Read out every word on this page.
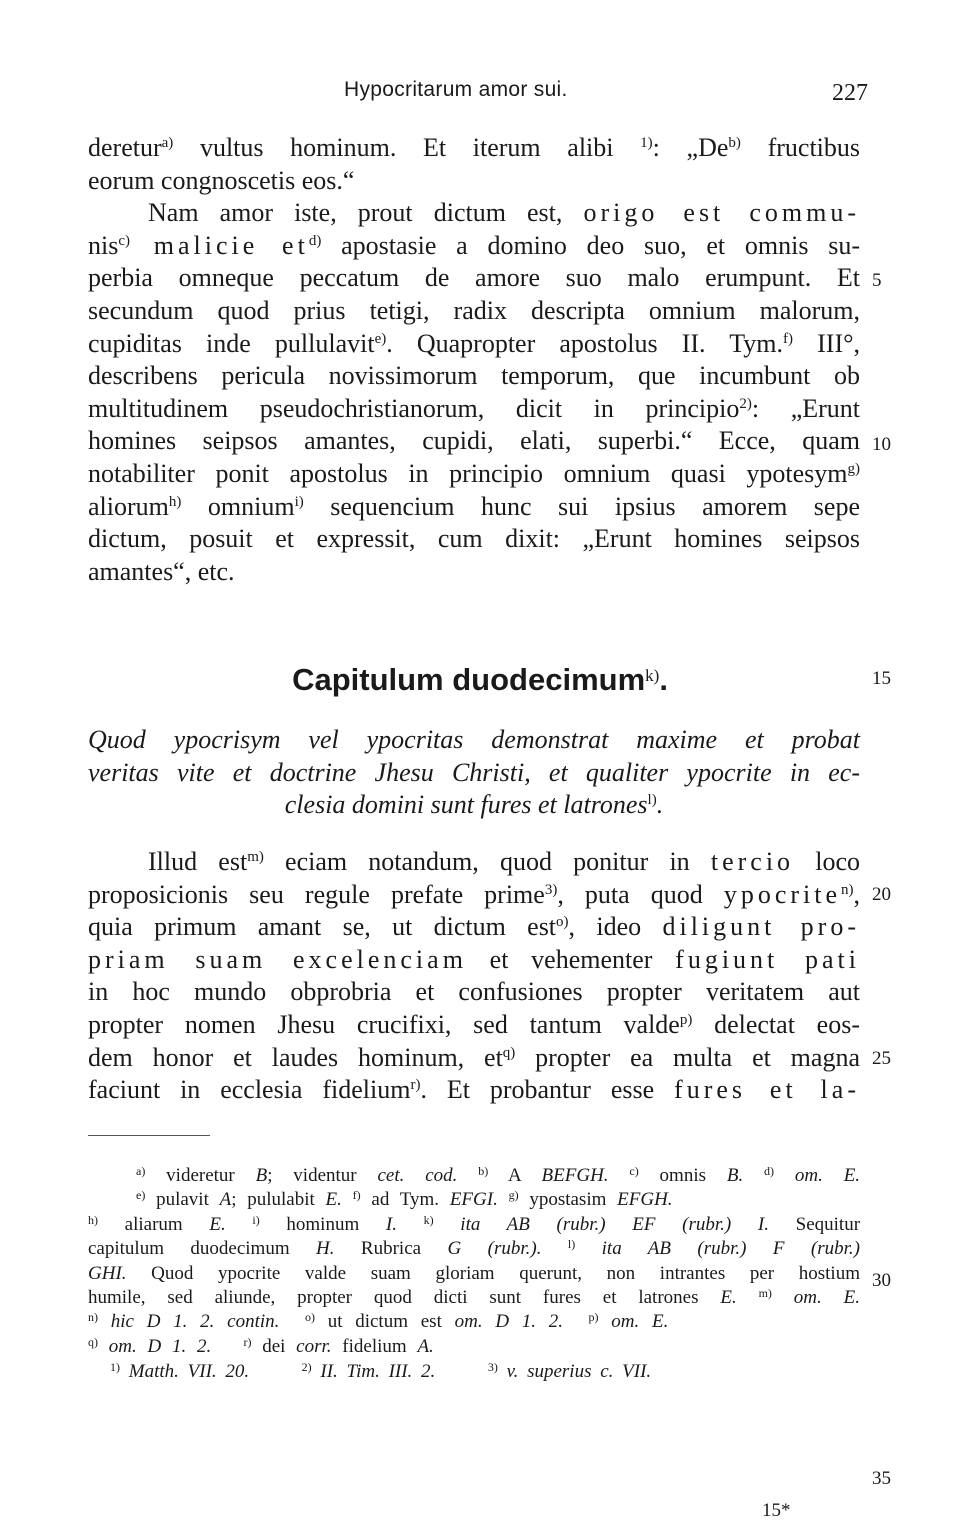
Hypocritarum amor sui.	227
deretur$^{a)}$ vultus hominum. Et iterum alibi $^{1)}$: „De$^{b)}$ fructibus
eorum congnoscetis eos.“
Nam amor iste, prout dictum est, origo est commu-
nis$^{c)}$ malicie $et^{d)}$ apostasie a domino deo suo, et omnis su-
perbia omneque peccatum de amore suo malo erumpunt. Et
secundum quod prius tetigi, radix descripta omnium malorum,
cupiditas inde pullulavit$^{e)}$. Quapropter apostolus II. Tym.$^{f)}$ III°,
describens pericula novissimorum temporum, que incumbunt ob
multitudinem pseudochristianorum, dicit in principio$^{2)}$: „Erunt
homines seipsos amantes, cupidi, elati, superbi.“ Ecce, quam
notabiliter ponit apostolus in principio omnium quasi ypotesym$^{g)}$
aliorum$^{h)}$ omnium$^{i)}$ sequencium hunc sui ipsius amorem sepe
dictum, posuit et expressit, cum dixit: „Erunt homines seipsos
amantes“, etc.
5
10
15
20
25
30
35
Capitulum duodecimum$^{k)}$.
Quod ypocrisym vel ypocritas demonstrat maxime et probat
veritas vite et doctrine Jhesu Christi, et qualiter ypocrite in ec-
clesia domini sunt fures et latrones$^{l)}$.
Illud est$^{m)}$ eciam notandum, quod ponitur in tercio loco
proposicionis seu regule prefate prime$^{3)}$, puta quod ypocrite$^{n)}$,
quia primum amant se, ut dictum est$^{o)}$, ideo diligunt pro-
priam suam excelenciam et vehementer fugiunt pati
in hoc mundo obprobria et confusiones propter veritatem aut
propter nomen Jhesu crucifixi, sed tantum valde$^{p)}$ delectat eos-
dem honor et laudes hominum, $et^{q)}$ propter ea multa et magna
faciunt in ecclesia fidelium$^{r)}$. Et probantur esse fures et la-
$^{a)}$ videretur B; videntur cet. cod. $^{b)}$ A BEFGH. $^{c)}$ omnis B. $^{d)}$ om. E.
$^{e)}$ pulavit A; pululabit E. $^{f)}$ ad Tym. EFGI. $^{g)}$ ypostasim EFGH.
$^{h)}$ aliarum E. $^{i)}$ hominum I. $^{k)}$ ita AB (rubr.) EF (rubr.) I. Sequitur
capitulum duodecimum H. Rubrica G (rubr.). $^{l)}$ ita AB (rubr.) F (rubr.)
GHI. Quod ypocrite valde suam gloriam querunt, non intrantes per hostium
humile, sed aliunde, propter quod dicti sunt fures et latrones E. $^{m)}$ om. E.
$^{n)}$ hic D 1. 2. contin. $^{o)}$ ut dictum est om. D 1. 2. $^{p)}$ om. E.
$^{q)}$ om. D 1. 2.	$^{r)}$ dei corr. fidelium A.
$^{1)}$ Matth. VII. 20.	$^{2)}$ II. Tim. III. 2.	$^{3)}$ v. superius c. VII.
15*
